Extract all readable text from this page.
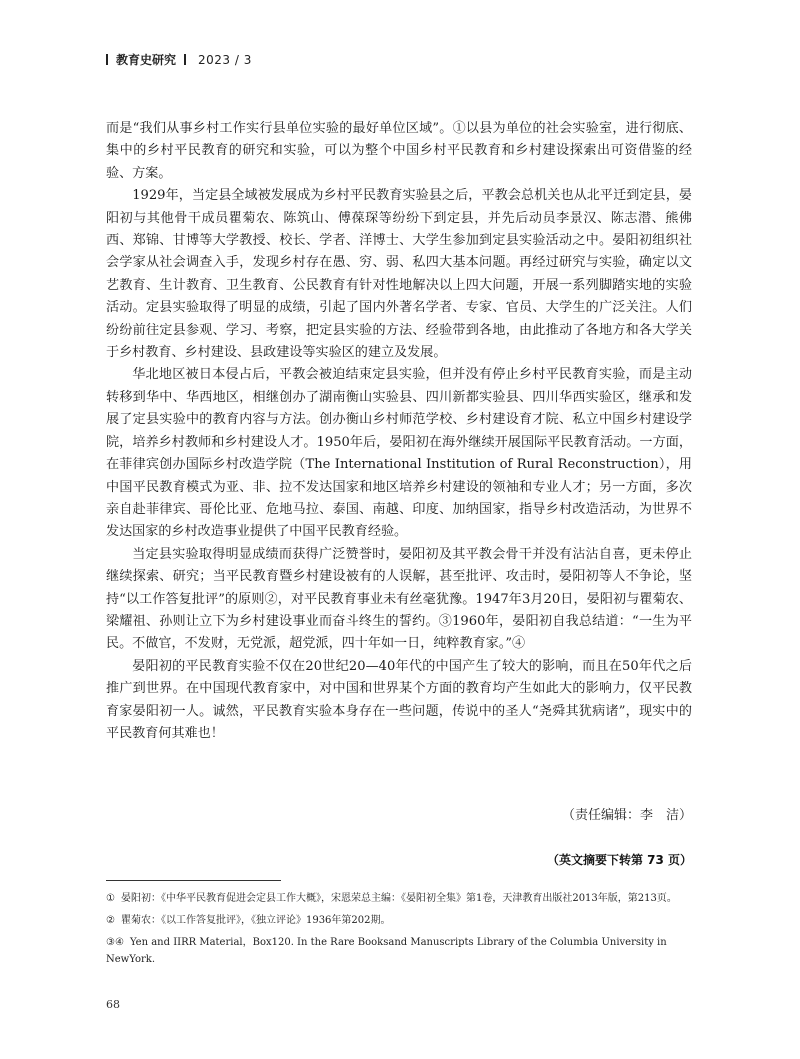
教育史研究 2023 / 3

而是“我们从事乡村工作实行县单位实验的最好单位区域”。①以县为单位的社会实验室，进行彻底、集中的乡村平民教育的研究和实验，可以为整个中国乡村平民教育和乡村建设探索出可资借鉴的经验、方案。

1929年，当定县全域被发展成为乡村平民教育实验县之后，平教会总机关也从北平迁到定县，晏阳初与其他骨干成员瞿菊农、陈筑山、傅葆琛等纷纷下到定县，并先后动员李景汉、陈志潜、熊佛西、郑锦、甘博等大学教授、校长、学者、洋博士、大学生参加到定县实验活动之中。晏阳初组织社会学家从社会调查入手，发现乡村存在愚、穷、弱、私四大基本问题。再经过研究与实验，确定以文艺教育、生计教育、卫生教育、公民教育有针对性地解决以上四大问题，开展一系列脚踏实地的实验活动。定县实验取得了明显的成绩，引起了国内外著名学者、专家、官员、大学生的广泛关注。人们纷纷前往定县参观、学习、考察，把定县实验的方法、经验带到各地，由此推动了各地方和各大学关于乡村教育、乡村建设、县政建设等实验区的建立及发展。

华北地区被日本侵占后，平教会被迫结束定县实验，但并没有停止乡村平民教育实验，而是主动转移到华中、华西地区，相继创办了湖南衡山实验县、四川新都实验县、四川华西实验区，继承和发展了定县实验中的教育内容与方法。创办衡山乡村师范学校、乡村建设育才院、私立中国乡村建设学院，培养乡村教师和乡村建设人才。1950年后，晏阳初在海外继续开展国际平民教育活动。一方面，在菲律宾创办国际乡村改造学院（The International Institution of Rural Reconstruction），用中国平民教育模式为亚、非、拉不发达国家和地区培养乡村建设的领袖和专业人才；另一方面，多次亲自赴菲律宾、哥伦比亚、危地马拉、泰国、南越、印度、加纳国家，指导乡村改造活动，为世界不发达国家的乡村改造事业提供了中国平民教育经验。

当定县实验取得明显成绩而获得广泛赞誉时，晏阳初及其平教会骨干并没有沾沾自喜，更未停止继续探索、研究；当平民教育暨乡村建设被有的人误解，甚至批评、攻击时，晏阳初等人不争论，坚持“以工作答复批评”的原则②，对平民教育事业未有丝毫犹豫。1947年3月20日，晏阳初与瞿菊农、梁耀祖、孙则让立下为乡村建设事业而奋斗终生的誓约。③1960年，晏阳初自我总结道：“一生为平民。不做官，不发财，无党派，超党派，四十年如一日，纯粹教育家。”④

晏阳初的平民教育实验不仅在20世纪20—40年代的中国产生了较大的影响，而且在50年代之后推广到世界。在中国现代教育家中，对中国和世界某个方面的教育均产生如此大的影响力，仅平民教育家晏阳初一人。诚然，平民教育实验本身存在一些问题，传说中的圣人“尧舜其犹病诸”，现实中的平民教育何其难也！

（责任编辑：李　洁）
（英文摘要下转第 73 页）
① 晏阳初：《中华平民教育促进会定县工作大概》，宋恩荣总主编：《晏阳初全集》第1卷，天津教育出版社2013年版，第213页。
② 瞿菊农：《以工作答复批评》，《独立评论》1936年第202期。
③④ Yen and IIRR Material，Box120. In the Rare Booksand Manuscripts Library of the Columbia University in NewYork.
68
